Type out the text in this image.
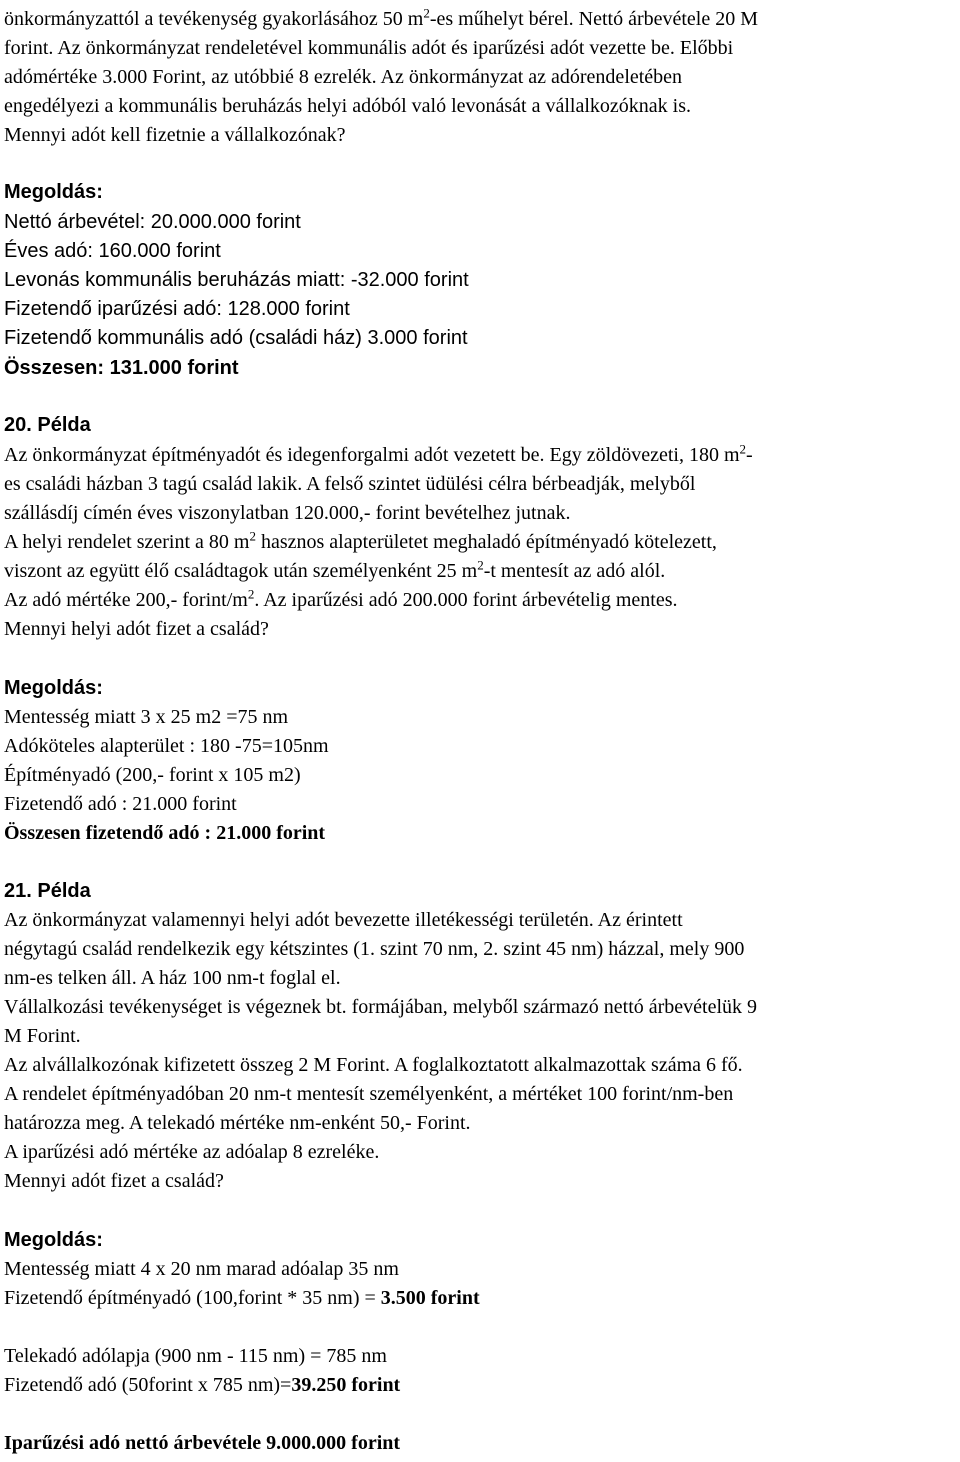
önkormányzattól a tevékenység gyakorlásához 50 $m^2-es$ műhelyt bérel. Nettó árbevétele 20 M
forint. Az önkormányzat rendeletével kommunális adót és iparűzési adót vezette be. Előbbi
adómértéke 3.000 Forint, az utóbbié 8 ezrelék. Az önkormányzat az adórendeletében
engedélyezi a kommunális beruházás helyi adóból való levonását a vállalkozóknak is.
Mennyi adót kell fizetnie a vállalkozónak?
Megoldás:
Nettó árbevétel: 20.000.000 forint
Éves adó: 160.000 forint
Levonás kommunális beruházás miatt: -32.000 forint
Fizetendő iparűzési adó: 128.000 forint
Fizetendő kommunális adó (családi ház) 3.000 forint
Összesen: 131.000 forint
20. Példa
Az önkormányzat építményadót és idegenforgalmi adót vezetett be. Egy zöldövezeti, 180 $m^2-$
es családi házban 3 tagú család lakik. A felső szintet üdülési célra bérbeadják, melyből
szállásdíj címén éves viszonylatban 120.000,- forint bevételhez jutnak.
A helyi rendelet szerint a 80 $m^2$ hasznos alapterületet meghaladó építményadó kötelezett,
viszont az együtt élő családtagok után személyenként 25 $m^2-t$ mentesít az adó alól.
Az adó mértéke 200,- forint/$m^2$. Az iparűzési adó 200.000 forint árbevételig mentes.
Mennyi helyi adót fizet a család?
Megoldás:
Mentesség miatt 3 x 25 m2 =75 nm
Adóköteles alapterület : 180 -75=105nm
Építményadó (200,- forint x 105 m2)
Fizetendő adó : 21.000 forint
Összesen fizetendő adó : 21.000 forint
21. Példa
Az önkormányzat valamennyi helyi adót bevezette illetékességi területén. Az érintett
négytagú család rendelkezik egy kétszintes (1. szint 70 nm, 2. szint 45 nm) házzal, mely 900
nm-es telken áll. A ház 100 nm-t foglal el.
Vállalkozási tevékenységet is végeznek bt. formájában, melyből származó nettó árbevételük 9
M Forint.
Az alvállalkozónak kifizetett összeg 2 M Forint. A foglalkoztatott alkalmazottak száma 6 fő.
A rendelet építményadóban 20 nm-t mentesít személyenként, a mértéket 100 forint/nm-ben
határozza meg. A telekadó mértéke nm-enként 50,- Forint.
A iparűzési adó mértéke az adóalap 8 ezreléke.
Mennyi adót fizet a család?
Megoldás:
Mentesség miatt 4 x 20 nm marad adóalap 35 nm
Fizetendő építményadó (100,forint * 35 nm) = 3.500 forint
Telekadó adólapja (900 nm - 115 nm) = 785 nm
Fizetendő adó (50forint x 785 nm)=39.250 forint
Iparűzési adó nettó árbevétele 9.000.000 forint
